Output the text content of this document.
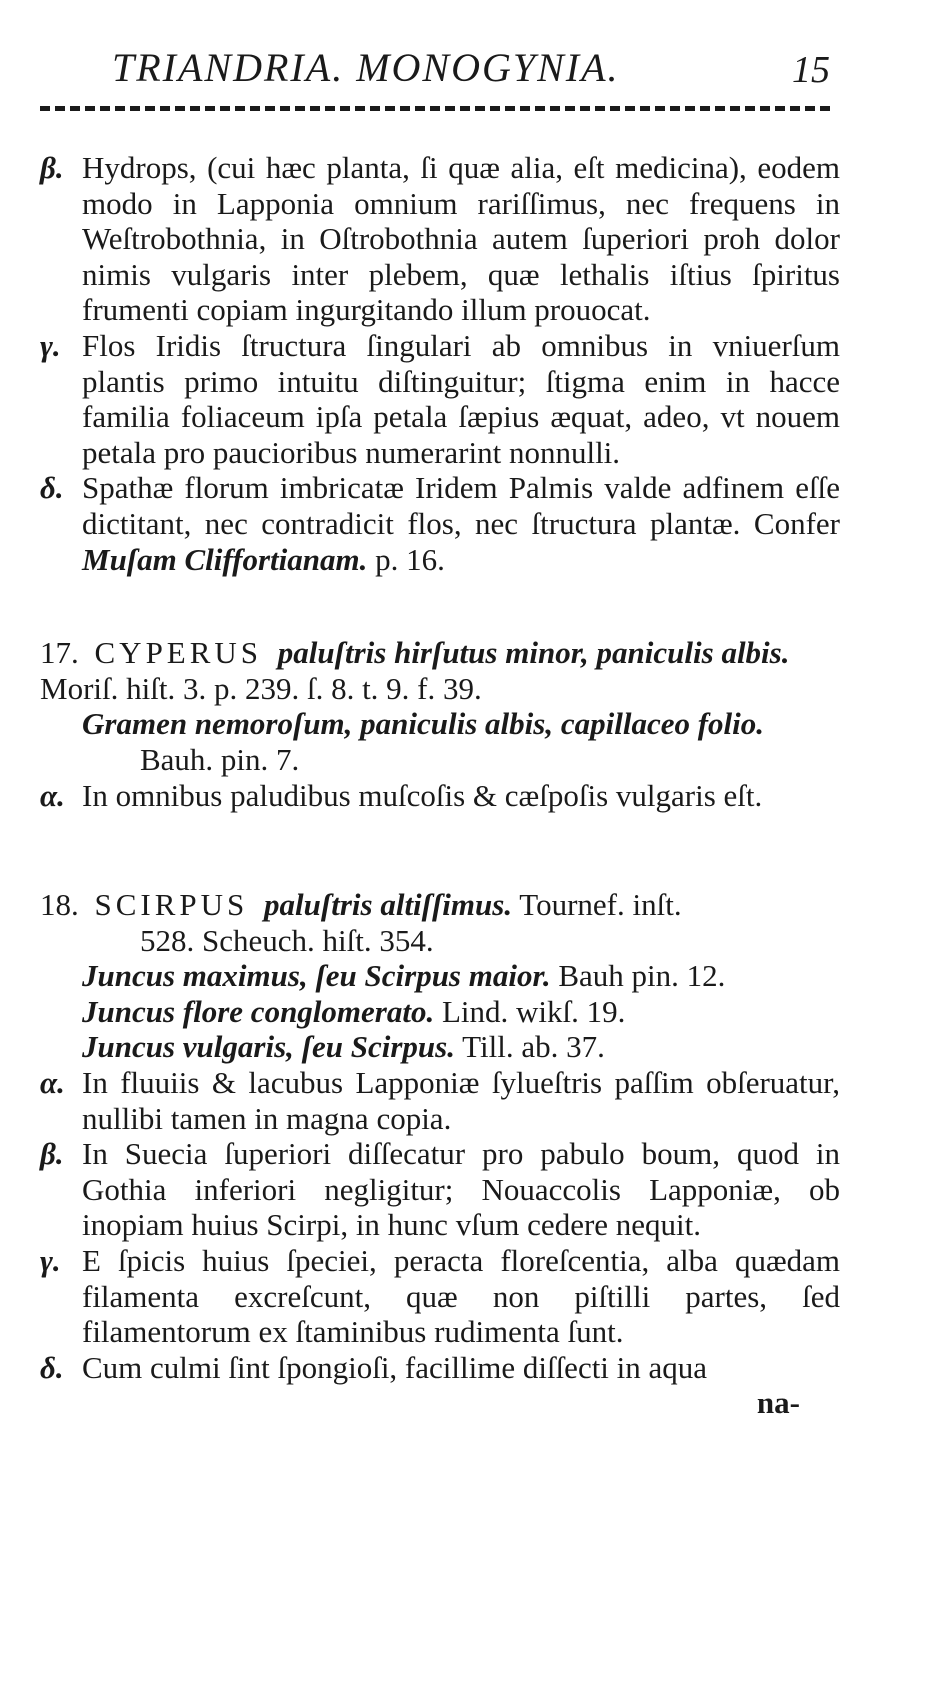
TRIANDRIA. MONOGYNIA.	15

β. Hydrops, (cui hæc planta, ſi quæ alia, eſt medicina), eodem modo in Lapponia omnium rariſſimus, nec frequens in Weſtrobothnia, in Oſtrobothnia autem ſuperiori proh dolor nimis vulgaris inter plebem, quæ lethalis iſtius ſpiritus frumenti copiam ingurgitando illum prouocat.

γ. Flos Iridis ſtructura ſingulari ab omnibus in vniuerſum plantis primo intuitu diſtinguitur; ſtigma enim in hacce familia foliaceum ipſa petala ſæpius æquat, adeo, vt nouem petala pro paucioribus numerarint nonnulli.

δ. Spathæ florum imbricatæ Iridem Palmis valde adfinem eſſe dictitant, nec contradicit flos, nec ſtructura plantæ. Confer Muſam Cliffortianam. p. 16.

17. CYPERUS paluſtris hirſutus minor, paniculis albis. Moriſ. hiſt. 3. p. 239. ſ. 8. t. 9. f. 39.

Gramen nemoroſum, paniculis albis, capillaceo folio.

Bauh. pin. 7.

α. In omnibus paludibus muſcoſis & cæſpoſis vulgaris eſt.

18. SCIRPUS paluſtris altiſſimus. Tournef. inſt.

528. Scheuch. hiſt. 354.

Juncus maximus, ſeu Scirpus maior. Bauh pin. 12.

Juncus flore conglomerato. Lind. wikſ. 19.

Juncus vulgaris, ſeu Scirpus. Till. ab. 37.

α. In fluuiis & lacubus Lapponiæ ſylueſtris paſſim obſeruatur, nullibi tamen in magna copia.

β. In Suecia ſuperiori diſſecatur pro pabulo boum, quod in Gothia inferiori negligitur; Nouaccolis Lapponiæ, ob inopiam huius Scirpi, in hunc vſum cedere nequit.

γ. E ſpicis huius ſpeciei, peracta floreſcentia, alba quædam filamenta excreſcunt, quæ non piſtilli partes, ſed filamentorum ex ſtaminibus rudimenta ſunt.

δ. Cum culmi ſint ſpongioſi, facillime diſſecti in aqua

na-
